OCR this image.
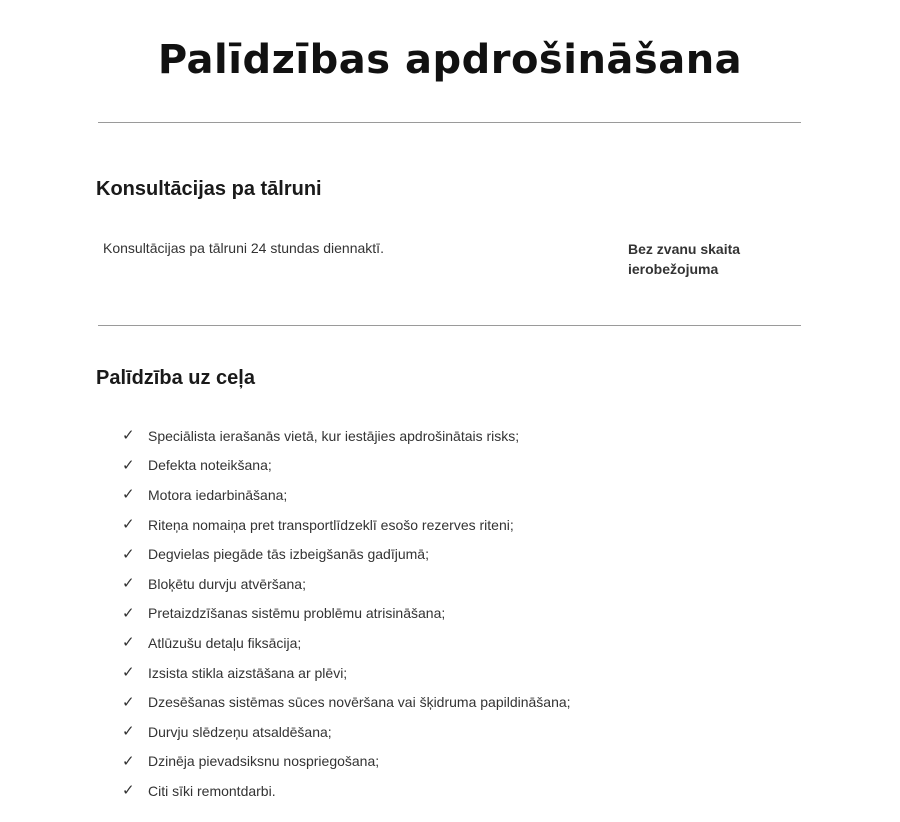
Palīdzības apdrošināšana
Konsultācijas pa tālruni
Konsultācijas pa tālruni 24 stundas diennaktī.	Bez zvanu skaita
ierobežojuma
Palīdzība uz ceļa
✓ Speciālista ierašanās vietā, kur iestājies apdrošinātais risks;
✓ Defekta noteikšana;
✓ Motora iedarbināšana;
✓ Riteņa nomaiņa pret transportlīdzeklī esošo rezerves riteni;
✓ Degvielas piegāde tās izbeigšanās gadījumā;
✓ Bloķētu durvju atvēršana;
✓ Pretaizdzīšanas sistēmu problēmu atrisināšana;
✓ Atlūzušu detaļu fiksācija;
✓ Izsista stikla aizstāšana ar plēvi;
✓ Dzesēšanas sistēmas sūces novēršana vai šķidruma papildināšana;
✓ Durvju slēdzeņu atsaldēšana;
✓ Dzinēja pievadsiksnu nospriegošana;
✓ Citi sīki remontdarbi.
